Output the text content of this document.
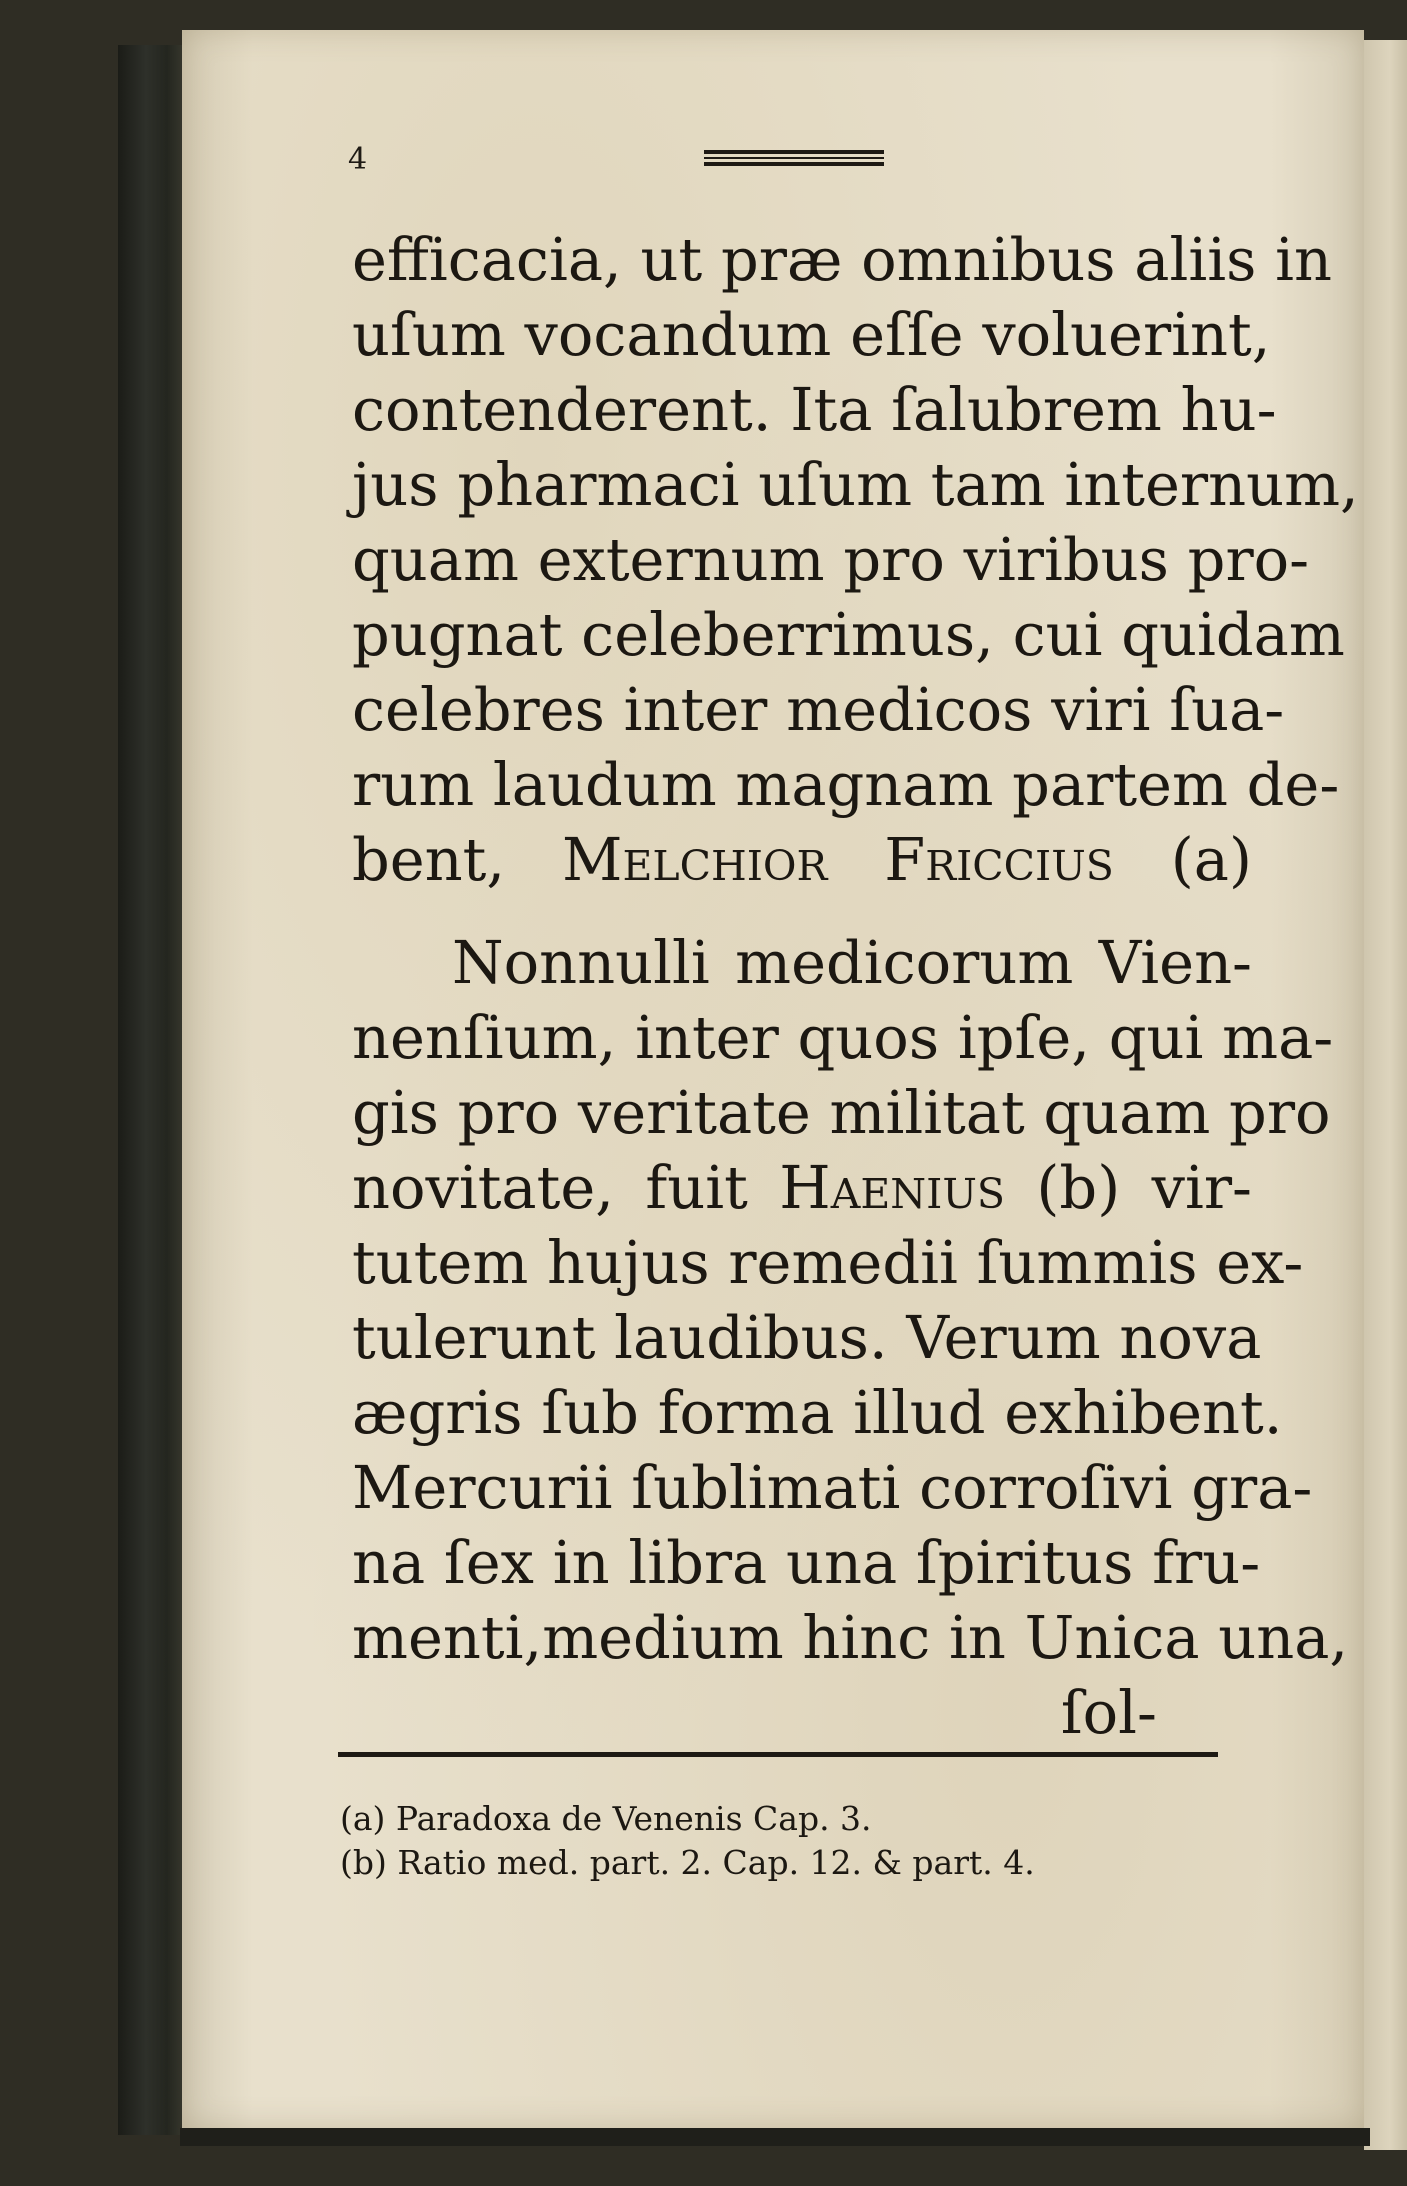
4
efficacia, ut præ omnibus aliis in
uſum vocandum eſſe voluerint,
contenderent. Ita ſalubrem hu-
jus pharmaci uſum tam internum,
quam externum pro viribus pro-
pugnat celeberrimus, cui quidam
celebres inter medicos viri ſua-
rum laudum magnam partem de-
bent, Melchior Friccius (a)
Nonnulli medicorum Vien-
nenſium, inter quos ipſe, qui ma-
gis pro veritate militat quam pro
novitate, fuit Haenius (b) vir-
tutem hujus remedii ſummis ex-
tulerunt laudibus. Verum nova
ægris ſub forma illud exhibent.
Mercurii ſublimati corroſivi gra-
na ſex in libra una ſpiritus fru-
menti,medium hinc in Unica una,
ſol-
(a) Paradoxa de Venenis Cap. 3.
(b) Ratio med. part. 2. Cap. 12. & part. 4.
